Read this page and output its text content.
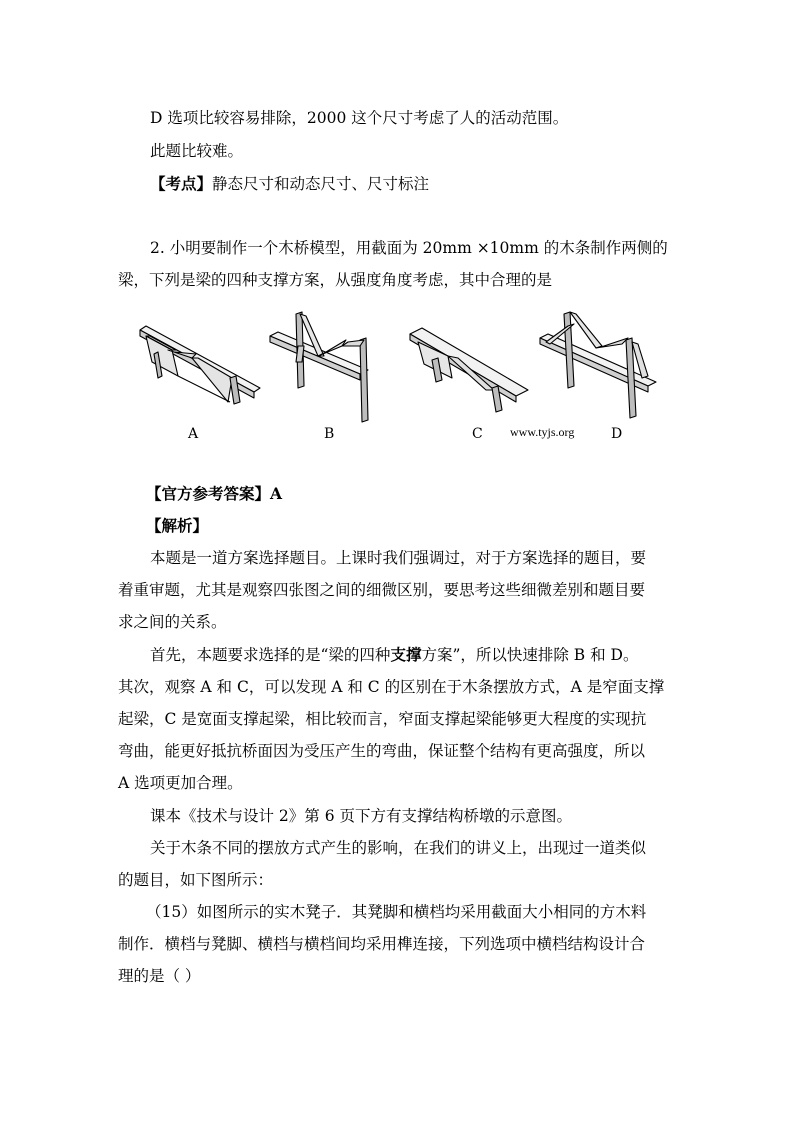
D 选项比较容易排除，2000 这个尺寸考虑了人的活动范围。
此题比较难。
【考点】静态尺寸和动态尺寸、尺寸标注
2. 小明要制作一个木桥模型，用截面为 20mm ×10mm 的木条制作两侧的
梁，下列是梁的四种支撑方案，从强度角度考虑，其中合理的是
A	B	C www.tyjs.org	D
【官方参考答案】A
【解析】
本题是一道方案选择题目。上课时我们强调过，对于方案选择的题目，要
着重审题，尤其是观察四张图之间的细微区别，要思考这些细微差别和题目要
求之间的关系。
首先，本题要求选择的是“梁的四种支撑方案”，所以快速排除 B 和 D。
其次，观察 A 和 C，可以发现 A 和 C 的区别在于木条摆放方式，A 是窄面支撑
起梁，C 是宽面支撑起梁，相比较而言，窄面支撑起梁能够更大程度的实现抗
弯曲，能更好抵抗桥面因为受压产生的弯曲，保证整个结构有更高强度，所以
A 选项更加合理。
课本《技术与设计 2》第 6 页下方有支撑结构桥墩的示意图。
关于木条不同的摆放方式产生的影响，在我们的讲义上，出现过一道类似
的题目，如下图所示：
（15）如图所示的实木凳子．其凳脚和横档均采用截面大小相同的方木料
制作．横档与凳脚、横档与横档间均采用榫连接，下列选项中横档结构设计合
理的是（ ）
